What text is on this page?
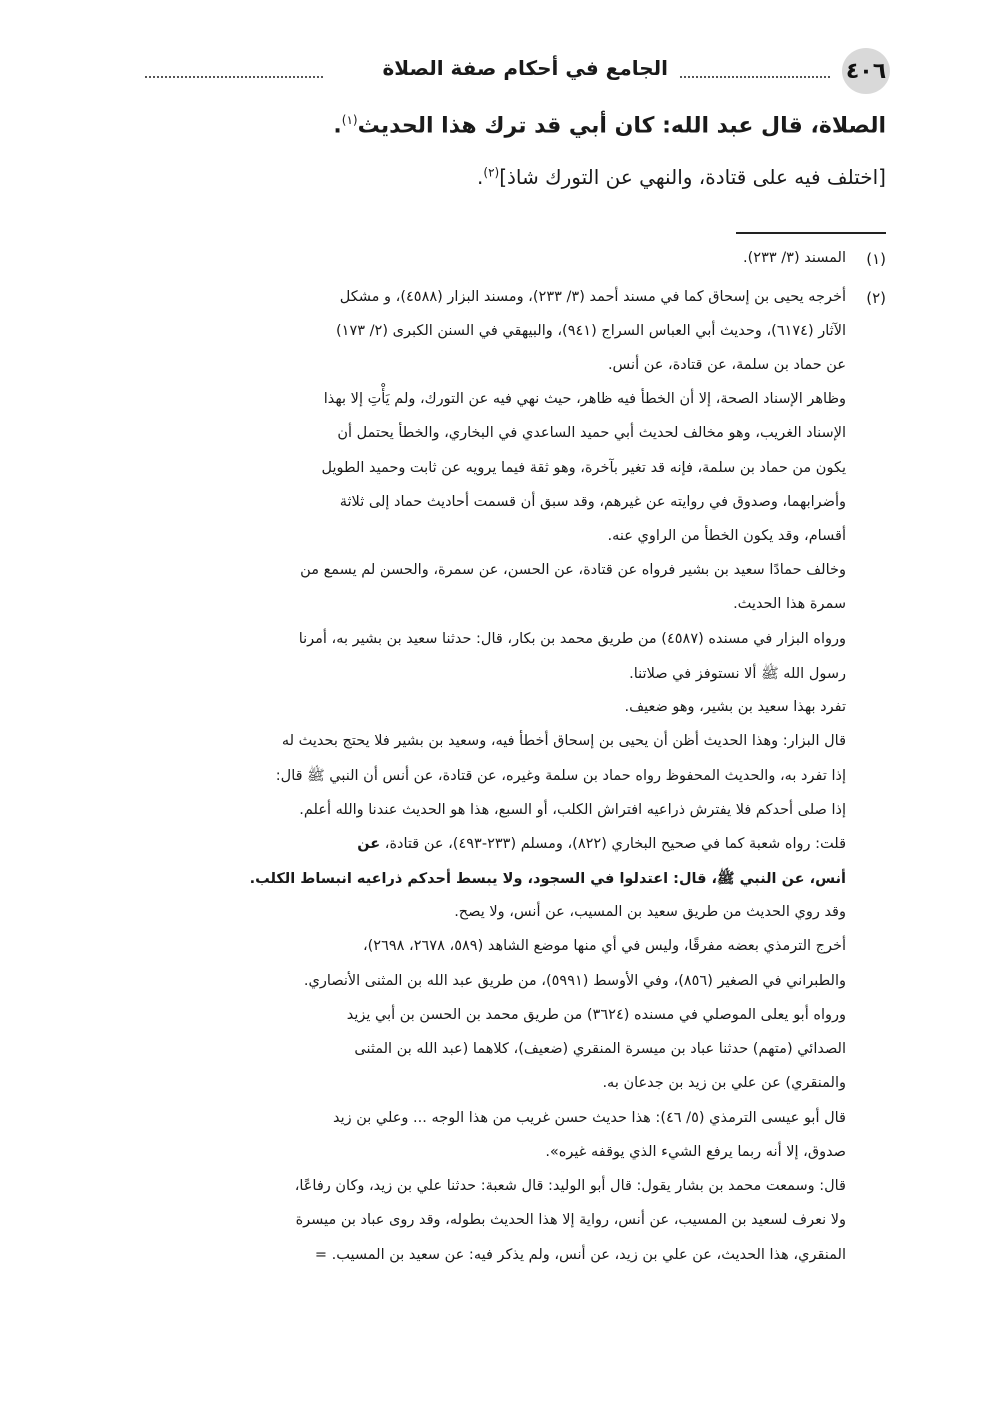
٤٠٦
الجامع في أحكام صفة الصلاة
الصلاة، قال عبد الله: كان أبي قد ترك هذا الحديث$^{(١)}$.
[اختلف فيه على قتادة، والنهي عن التورك شاذ]$^{(٢)}$.
(١)
المسند (٣/ ٢٣٣).
(٢)
أخرجه يحيى بن إسحاق كما في مسند أحمد (٣/ ٢٣٣)، ومسند البزار (٤٥٨٨)، و مشكل
الآثار (٦١٧٤)، وحديث أبي العباس السراج (٩٤١)، والبيهقي في السنن الكبرى (٢/ ١٧٣)
عن حماد بن سلمة، عن قتادة، عن أنس.
وظاهر الإسناد الصحة، إلا أن الخطأ فيه ظاهر، حيث نهي فيه عن التورك، ولم يَأْتِ إلا بهذا
الإسناد الغريب، وهو مخالف لحديث أبي حميد الساعدي في البخاري، والخطأ يحتمل أن
يكون من حماد بن سلمة، فإنه قد تغير بآخرة، وهو ثقة فيما يرويه عن ثابت وحميد الطويل
وأضرابهما، وصدوق في روايته عن غيرهم، وقد سبق أن قسمت أحاديث حماد إلى ثلاثة
أقسام، وقد يكون الخطأ من الراوي عنه.
وخالف حمادًا سعيد بن بشير فرواه عن قتادة، عن الحسن، عن سمرة، والحسن لم يسمع من
سمرة هذا الحديث.
ورواه البزار في مسنده (٤٥٨٧) من طريق محمد بن بكار، قال: حدثنا سعيد بن بشير به، أمرنا
رسول الله ﷺ ألا نستوفز في صلاتنا.
تفرد بهذا سعيد بن بشير، وهو ضعيف.
قال البزار: وهذا الحديث أظن أن يحيى بن إسحاق أخطأ فيه، وسعيد بن بشير فلا يحتج بحديث له
إذا تفرد به، والحديث المحفوظ رواه حماد بن سلمة وغيره، عن قتادة، عن أنس أن النبي ﷺ قال:
إذا صلى أحدكم فلا يفترش ذراعيه افتراش الكلب، أو السبع، هذا هو الحديث عندنا والله أعلم.
قلت: رواه شعبة كما في صحيح البخاري (٨٢٢)، ومسلم (٢٣٣-٤٩٣)، عن قتادة، عن
أنس، عن النبي ﷺ، قال: اعتدلوا في السجود، ولا يبسط أحدكم ذراعيه انبساط الكلب.
وقد روي الحديث من طريق سعيد بن المسيب، عن أنس، ولا يصح.
أخرج الترمذي بعضه مفرقًا، وليس في أي منها موضع الشاهد (٥٨٩، ٢٦٧٨، ٢٦٩٨)،
والطبراني في الصغير (٨٥٦)، وفي الأوسط (٥٩٩١)، من طريق عبد الله بن المثنى الأنصاري.
ورواه أبو يعلى الموصلي في مسنده (٣٦٢٤) من طريق محمد بن الحسن بن أبي يزيد
الصدائي (متهم) حدثنا عباد بن ميسرة المنقري (ضعيف)، كلاهما (عبد الله بن المثنى
والمنقري) عن علي بن زيد بن جدعان به.
قال أبو عيسى الترمذي (٥/ ٤٦): هذا حديث حسن غريب من هذا الوجه ... وعلي بن زيد
صدوق، إلا أنه ربما يرفع الشيء الذي يوقفه غيره».
قال: وسمعت محمد بن بشار يقول: قال أبو الوليد: قال شعبة: حدثنا علي بن زيد، وكان رفاعًا،
ولا نعرف لسعيد بن المسيب، عن أنس، رواية إلا هذا الحديث بطوله، وقد روى عباد بن ميسرة
المنقري، هذا الحديث، عن علي بن زيد، عن أنس، ولم يذكر فيه: عن سعيد بن المسيب. =
